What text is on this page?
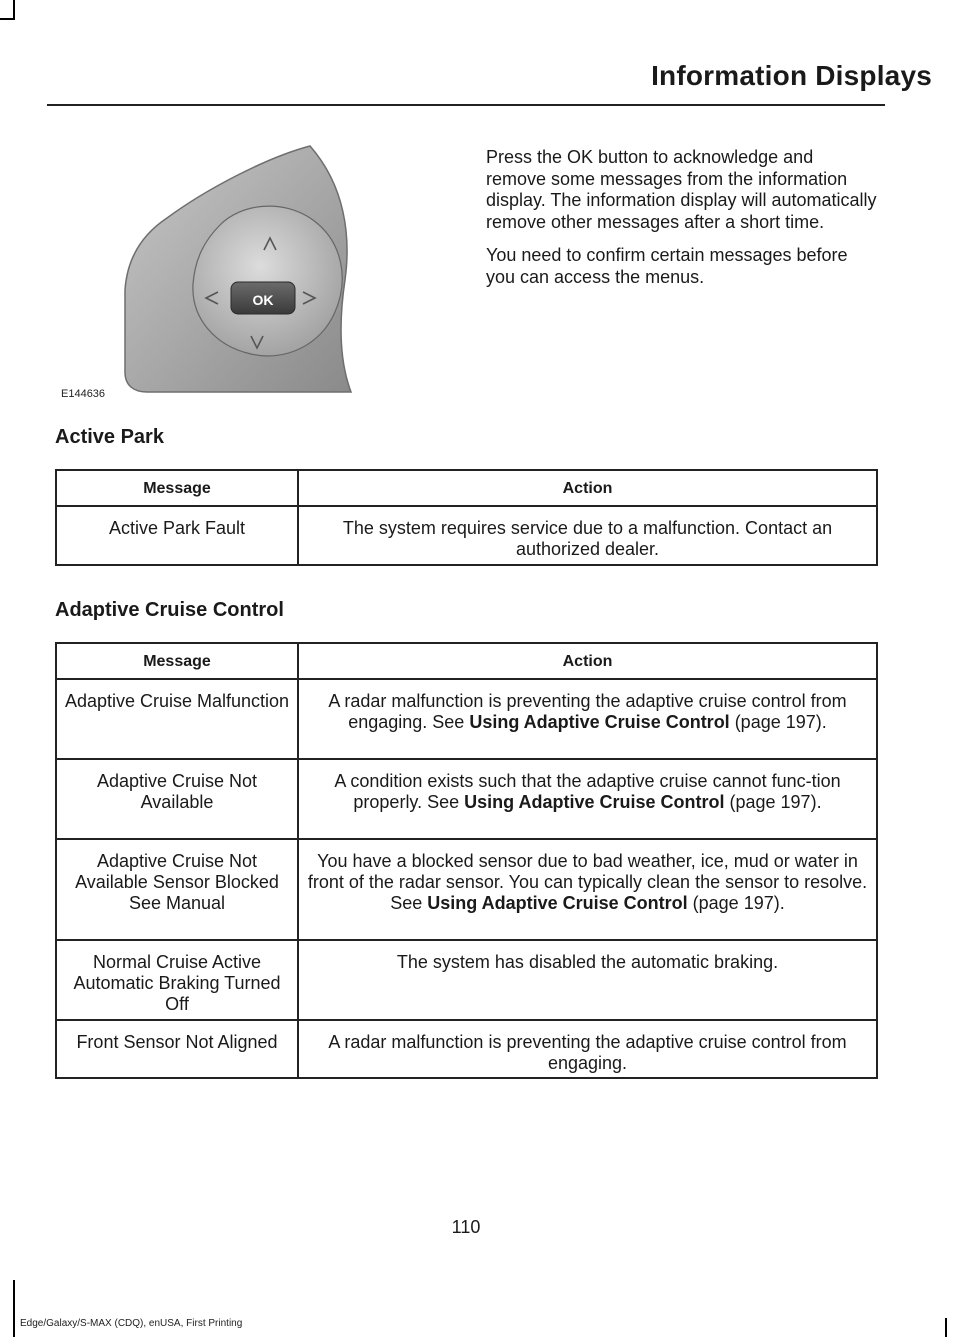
Information Displays
OK
E144636

Press the OK button to acknowledge and remove some messages from the information display. The information display will automatically remove other messages after a short time.

You need to confirm certain messages before you can access the menus.

Active Park
Message	Action
Active Park Fault	The system requires service due to a malfunction. Contact an authorized dealer.
Adaptive Cruise Control
Message	Action
Adaptive Cruise Malfunction	A radar malfunction is preventing the adaptive cruise control from engaging. See Using Adaptive Cruise Control (page 197).
Adaptive Cruise Not Available	A condition exists such that the adaptive cruise cannot func-tion properly. See Using Adaptive Cruise Control (page 197).
Adaptive Cruise Not Available Sensor Blocked See Manual	You have a blocked sensor due to bad weather, ice, mud or water in front of the radar sensor. You can typically clean the sensor to resolve. See Using Adaptive Cruise Control (page 197).
Normal Cruise Active Automatic Braking Turned Off	The system has disabled the automatic braking.
Front Sensor Not Aligned	A radar malfunction is preventing the adaptive cruise control from engaging.
110
Edge/Galaxy/S-MAX (CDQ), enUSA, First Printing
